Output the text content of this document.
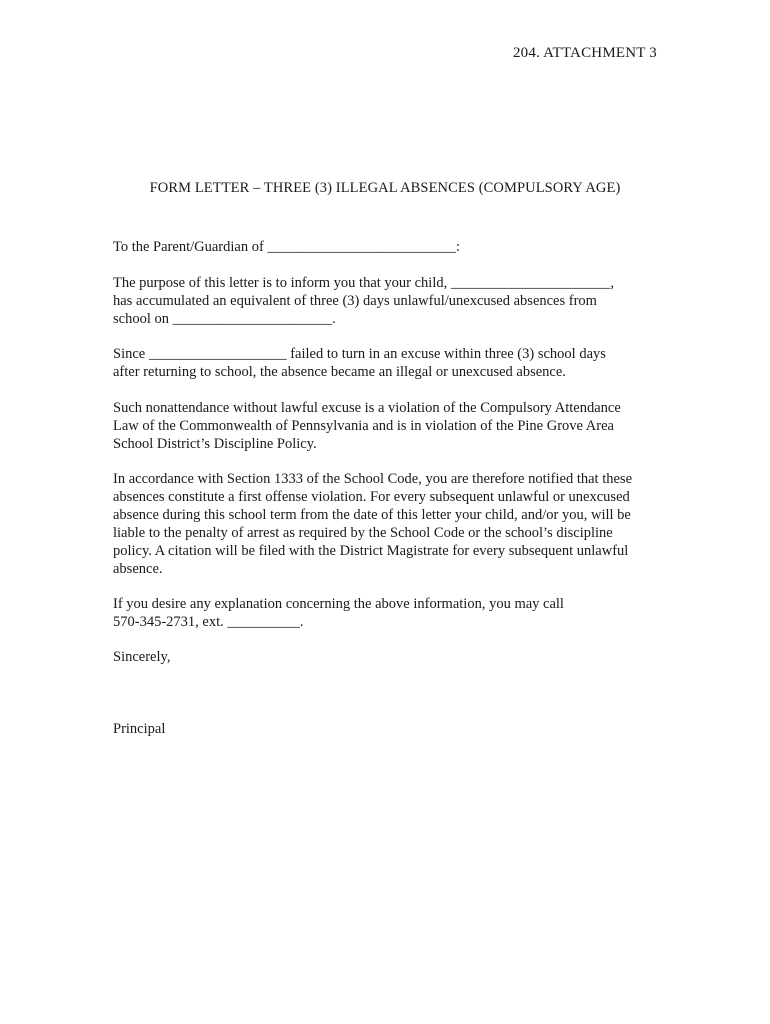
204. ATTACHMENT 3
FORM LETTER – THREE (3) ILLEGAL ABSENCES (COMPULSORY AGE)

To the Parent/Guardian of __________________________:

The purpose of this letter is to inform you that your child, ______________________,

has accumulated an equivalent of three (3) days unlawful/unexcused absences from

school on ______________________.

Since ___________________ failed to turn in an excuse within three (3) school days

after returning to school, the absence became an illegal or unexcused absence.

Such nonattendance without lawful excuse is a violation of the Compulsory Attendance

Law of the Commonwealth of Pennsylvania and is in violation of the Pine Grove Area

School District’s Discipline Policy.

In accordance with Section 1333 of the School Code, you are therefore notified that these

absences constitute a first offense violation. For every subsequent unlawful or unexcused

absence during this school term from the date of this letter your child, and/or you, will be

liable to the penalty of arrest as required by the School Code or the school’s discipline

policy. A citation will be filed with the District Magistrate for every subsequent unlawful

absence.

If you desire any explanation concerning the above information, you may call

570-345-2731, ext. __________.

Sincerely,

Principal
